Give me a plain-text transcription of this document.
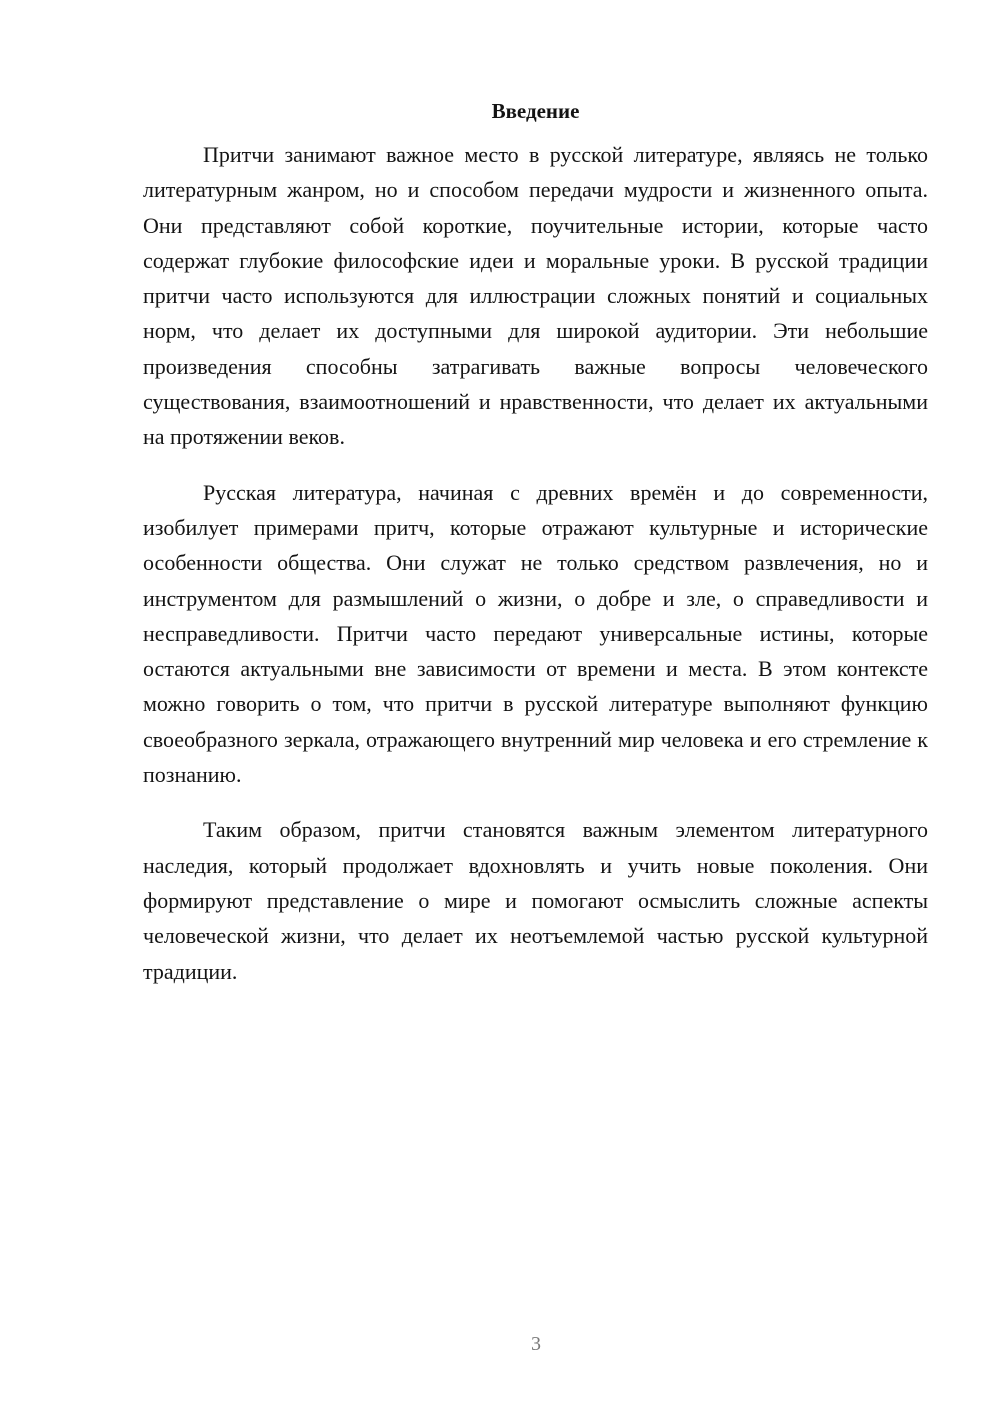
Введение

Притчи занимают важное место в русской литературе, являясь не только литературным жанром, но и способом передачи мудрости и жизненного опыта. Они представляют собой короткие, поучительные истории, которые часто содержат глубокие философские идеи и моральные уроки. В русской традиции притчи часто используются для иллюстрации сложных понятий и социальных норм, что делает их доступными для широкой аудитории. Эти небольшие произведения способны затрагивать важные вопросы человеческого существования, взаимоотношений и нравственности, что делает их актуальными на протяжении веков.

Русская литература, начиная с древних времён и до современности, изобилует примерами притч, которые отражают культурные и исторические особенности общества. Они служат не только средством развлечения, но и инструментом для размышлений о жизни, о добре и зле, о справедливости и несправедливости. Притчи часто передают универсальные истины, которые остаются актуальными вне зависимости от времени и места. В этом контексте можно говорить о том, что притчи в русской литературе выполняют функцию своеобразного зеркала, отражающего внутренний мир человека и его стремление к познанию.

Таким образом, притчи становятся важным элементом литературного наследия, который продолжает вдохновлять и учить новые поколения. Они формируют представление о мире и помогают осмыслить сложные аспекты человеческой жизни, что делает их неотъемлемой частью русской культурной традиции.

3
